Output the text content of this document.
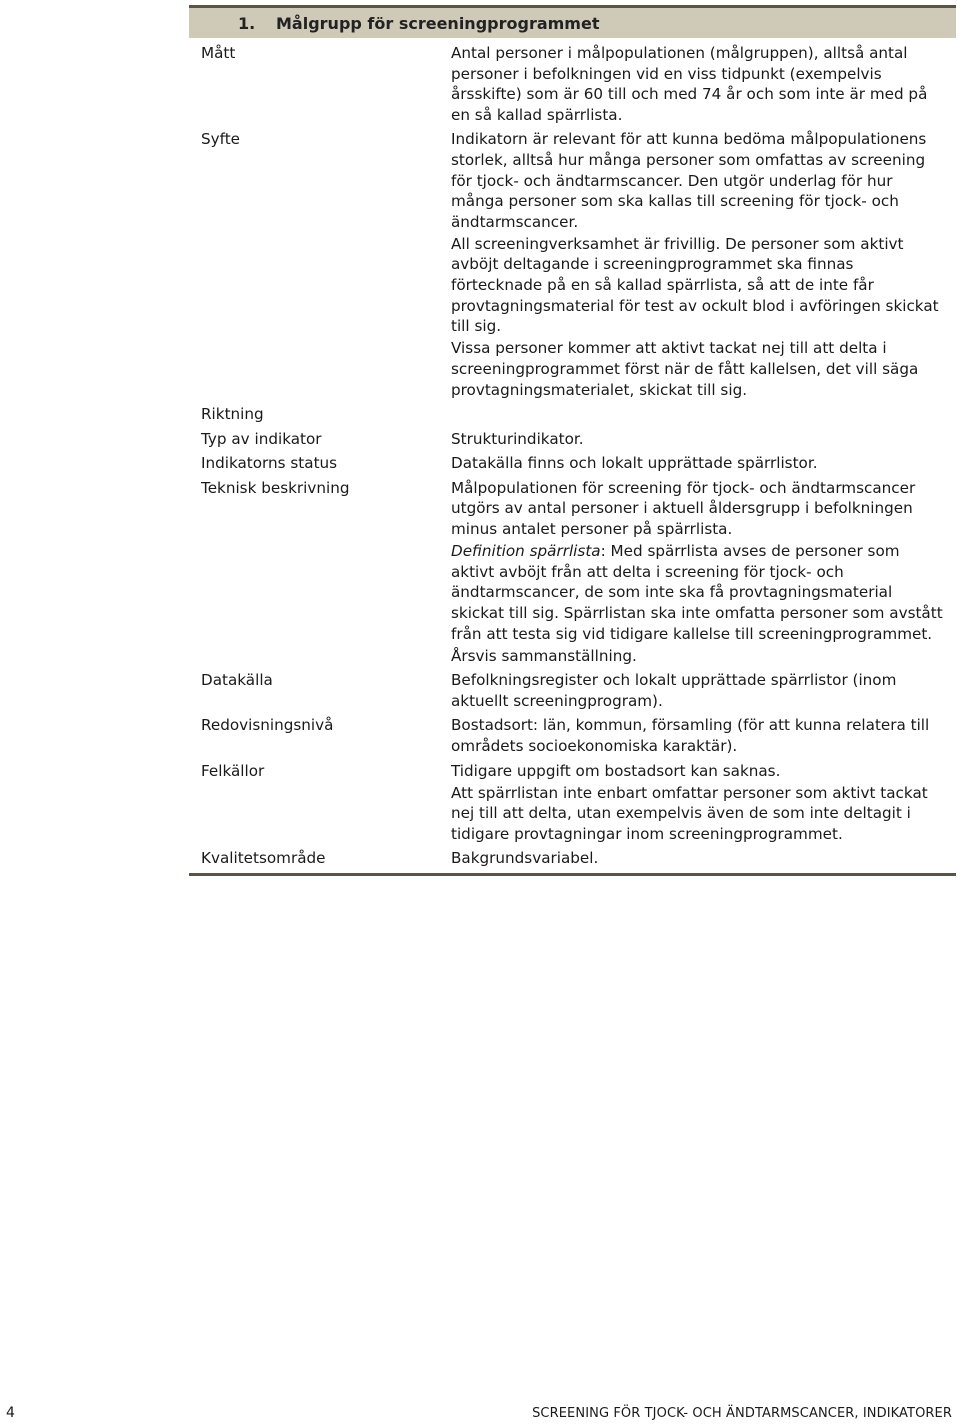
1.	Målgrupp för screeningprogrammet
Mått	Antal personer i målpopulationen (målgruppen), alltså antal personer i befolkningen vid en viss tidpunkt (exempelvis årsskifte) som är 60 till och med 74 år och som inte är med på en så kallad spärrlista.

Syfte	Indikatorn är relevant för att kunna bedöma målpopulationens storlek, alltså hur många personer som omfattas av screening för tjock- och ändtarmscancer. Den utgör underlag för hur många personer som ska kallas till screening för tjock- och ändtarmscancer.

All screeningverksamhet är frivillig. De personer som aktivt avböjt deltagande i screeningprogrammet ska finnas förtecknade på en så kallad spärrlista, så att de inte får provtagningsmaterial för test av ockult blod i avföringen skickat till sig.

Vissa personer kommer att aktivt tackat nej till att delta i screeningprogrammet först när de fått kallelsen, det vill säga provtagningsmaterialet, skickat till sig.

Riktning
Typ av indikator	Strukturindikator.

Indikatorns status	Datakälla finns och lokalt upprättade spärrlistor.

Teknisk beskrivning	Målpopulationen för screening för tjock- och ändtarmscancer utgörs av antal personer i aktuell åldersgrupp i befolkningen minus antalet personer på spärrlista.

Definition spärrlista: Med spärrlista avses de personer som aktivt avböjt från att delta i screening för tjock- och ändtarmscancer, de som inte ska få provtagningsmaterial skickat till sig. Spärrlistan ska inte omfatta personer som avstått från att testa sig vid tidigare kallelse till screeningprogrammet.

Årsvis sammanställning.

Datakälla	Befolkningsregister och lokalt upprättade spärrlistor (inom aktuellt screeningprogram).

Redovisningsnivå	Bostadsort: län, kommun, församling (för att kunna relatera till områdets socioekonomiska karaktär).

Felkällor	Tidigare uppgift om bostadsort kan saknas.

Att spärrlistan inte enbart omfattar personer som aktivt tackat nej till att delta, utan exempelvis även de som inte deltagit i tidigare provtagningar inom screeningprogrammet.

Kvalitetsområde	Bakgrundsvariabel.

4	SCREENING FÖR TJOCK- OCH ÄNDTARMSCANCER, INDIKATORER
